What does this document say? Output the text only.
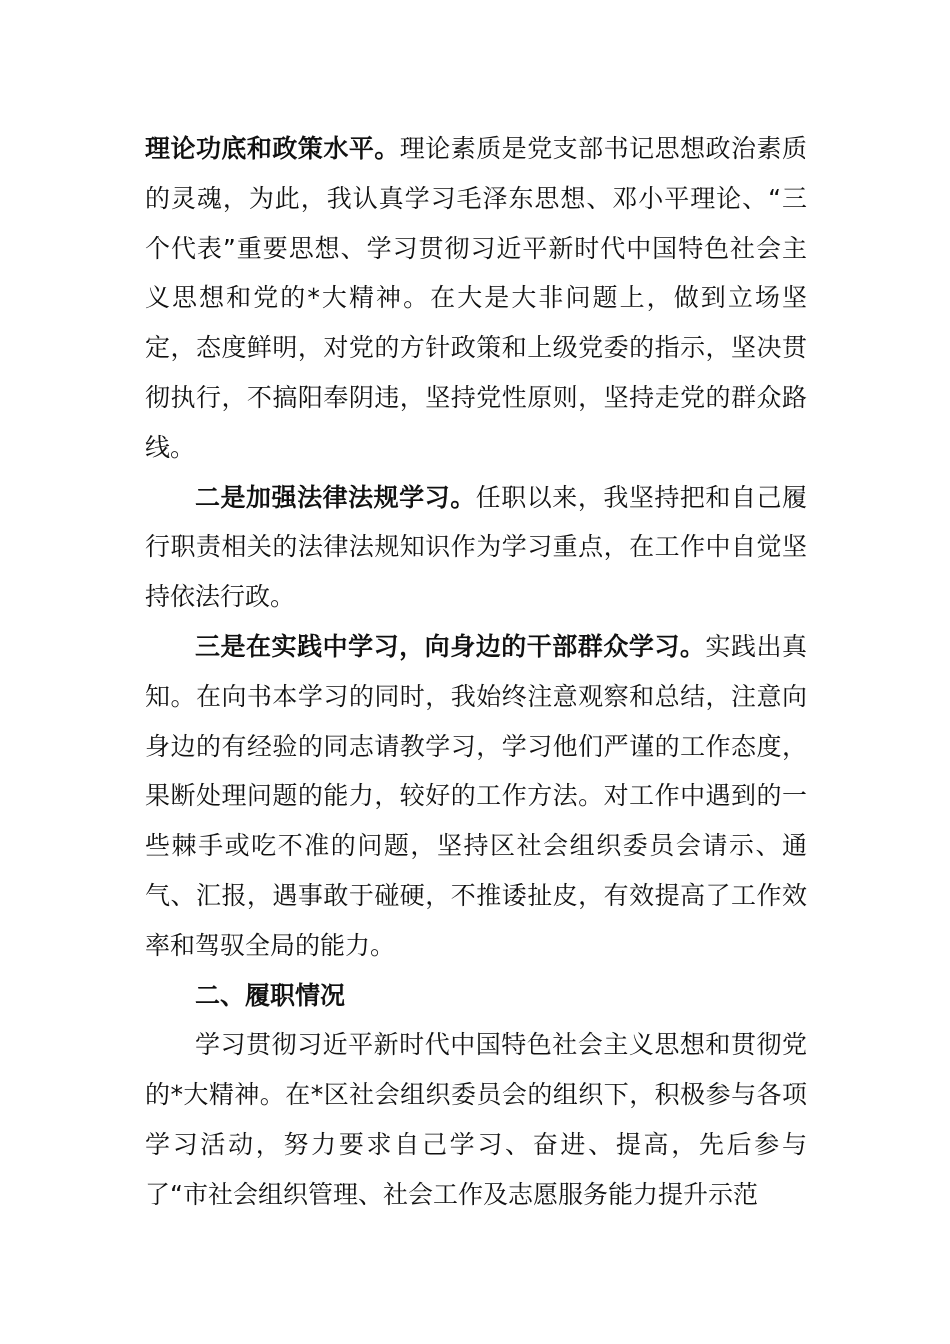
理论功底和政策水平。理论素质是党支部书记思想政治素质的灵魂，为此，我认真学习毛泽东思想、邓小平理论、“三个代表”重要思想、学习贯彻习近平新时代中国特色社会主义思想和党的*大精神。在大是大非问题上，做到立场坚定，态度鲜明，对党的方针政策和上级党委的指示，坚决贯彻执行，不搞阳奉阴违，坚持党性原则，坚持走党的群众路线。

二是加强法律法规学习。任职以来，我坚持把和自己履行职责相关的法律法规知识作为学习重点，在工作中自觉坚持依法行政。

三是在实践中学习，向身边的干部群众学习。实践出真知。在向书本学习的同时，我始终注意观察和总结，注意向身边的有经验的同志请教学习，学习他们严谨的工作态度，果断处理问题的能力，较好的工作方法。对工作中遇到的一些棘手或吃不准的问题，坚持区社会组织委员会请示、通气、汇报，遇事敢于碰硬，不推诿扯皮，有效提高了工作效率和驾驭全局的能力。

二、履职情况

学习贯彻习近平新时代中国特色社会主义思想和贯彻党的*大精神。在*区社会组织委员会的组织下，积极参与各项学习活动，努力要求自己学习、奋进、提高，先后参与了“市社会组织管理、社会工作及志愿服务能力提升示范
